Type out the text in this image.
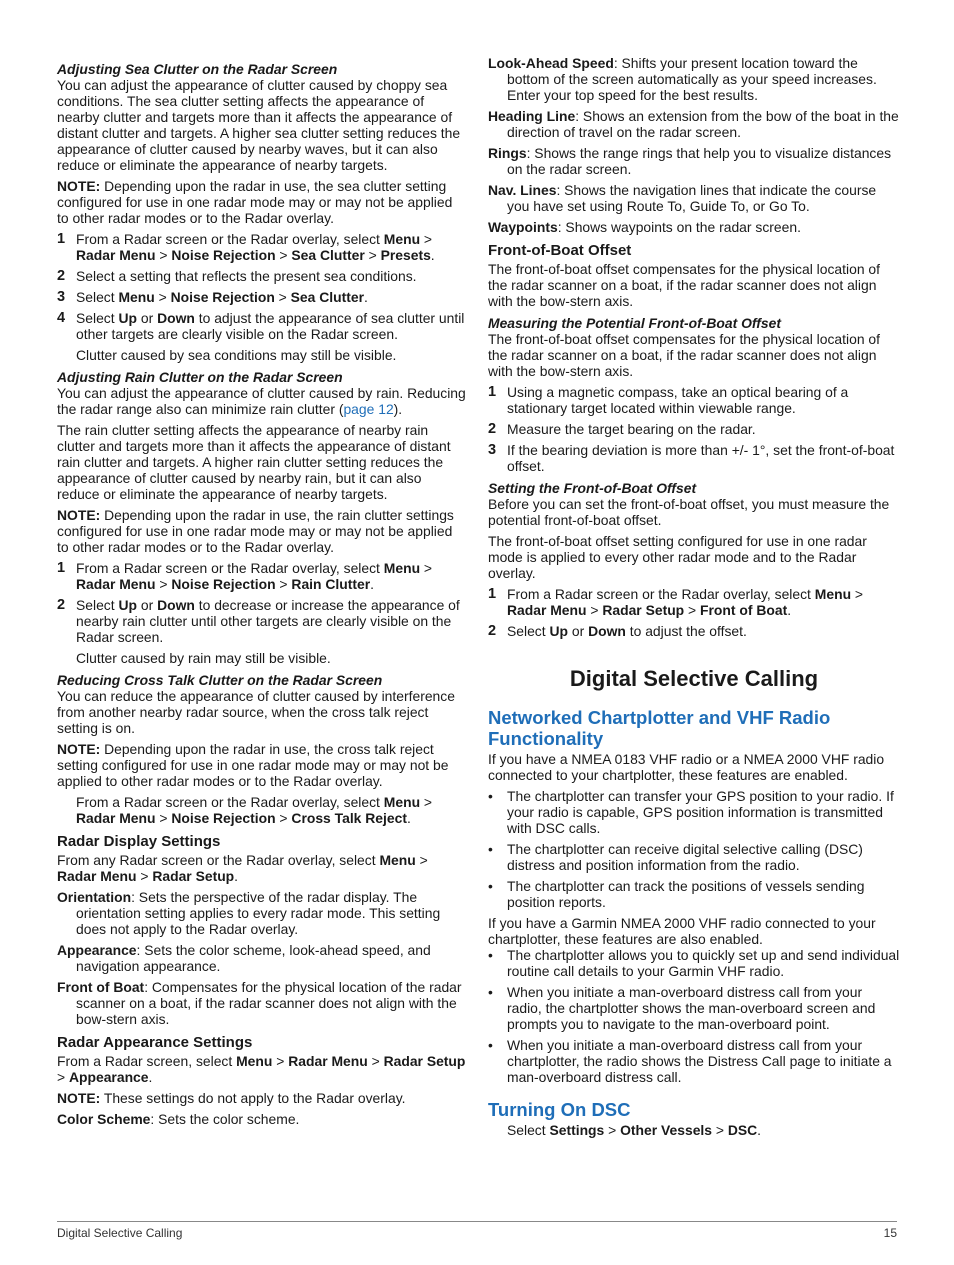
Adjusting Sea Clutter on the Radar Screen

You can adjust the appearance of clutter caused by choppy sea conditions. The sea clutter setting affects the appearance of nearby clutter and targets more than it affects the appearance of distant clutter and targets. A higher sea clutter setting reduces the appearance of clutter caused by nearby waves, but it can also reduce or eliminate the appearance of nearby targets.

NOTE: Depending upon the radar in use, the sea clutter setting configured for use in one radar mode may or may not be applied to other radar modes or to the Radar overlay.

1 From a Radar screen or the Radar overlay, select Menu > Radar Menu > Noise Rejection > Sea Clutter > Presets.
2 Select a setting that reflects the present sea conditions.
3 Select Menu > Noise Rejection > Sea Clutter.
4 Select Up or Down to adjust the appearance of sea clutter until other targets are clearly visible on the Radar screen.

Clutter caused by sea conditions may still be visible.

Adjusting Rain Clutter on the Radar Screen

You can adjust the appearance of clutter caused by rain. Reducing the radar range also can minimize rain clutter (page 12).

The rain clutter setting affects the appearance of nearby rain clutter and targets more than it affects the appearance of distant rain clutter and targets. A higher rain clutter setting reduces the appearance of clutter caused by nearby rain, but it can also reduce or eliminate the appearance of nearby targets.

NOTE: Depending upon the radar in use, the rain clutter settings configured for use in one radar mode may or may not be applied to other radar modes or to the Radar overlay.

1 From a Radar screen or the Radar overlay, select Menu > Radar Menu > Noise Rejection > Rain Clutter.
2 Select Up or Down to decrease or increase the appearance of nearby rain clutter until other targets are clearly visible on the Radar screen.

Clutter caused by rain may still be visible.

Reducing Cross Talk Clutter on the Radar Screen

You can reduce the appearance of clutter caused by interference from another nearby radar source, when the cross talk reject setting is on.

NOTE: Depending upon the radar in use, the cross talk reject setting configured for use in one radar mode may or may not be applied to other radar modes or to the Radar overlay.

From a Radar screen or the Radar overlay, select Menu > Radar Menu > Noise Rejection > Cross Talk Reject.

Radar Display Settings

From any Radar screen or the Radar overlay, select Menu > Radar Menu > Radar Setup.

Orientation: Sets the perspective of the radar display. The orientation setting applies to every radar mode. This setting does not apply to the Radar overlay.

Appearance: Sets the color scheme, look-ahead speed, and navigation appearance.

Front of Boat: Compensates for the physical location of the radar scanner on a boat, if the radar scanner does not align with the bow-stern axis.

Radar Appearance Settings

From a Radar screen, select Menu > Radar Menu > Radar Setup > Appearance.

NOTE: These settings do not apply to the Radar overlay.

Color Scheme: Sets the color scheme.

Look-Ahead Speed: Shifts your present location toward the bottom of the screen automatically as your speed increases. Enter your top speed for the best results.

Heading Line: Shows an extension from the bow of the boat in the direction of travel on the radar screen.

Rings: Shows the range rings that help you to visualize distances on the radar screen.

Nav. Lines: Shows the navigation lines that indicate the course you have set using Route To, Guide To, or Go To.

Waypoints: Shows waypoints on the radar screen.

Front-of-Boat Offset

The front-of-boat offset compensates for the physical location of the radar scanner on a boat, if the radar scanner does not align with the bow-stern axis.

Measuring the Potential Front-of-Boat Offset

The front-of-boat offset compensates for the physical location of the radar scanner on a boat, if the radar scanner does not align with the bow-stern axis.

1 Using a magnetic compass, take an optical bearing of a stationary target located within viewable range.
2 Measure the target bearing on the radar.
3 If the bearing deviation is more than +/- 1°, set the front-of-boat offset.

Setting the Front-of-Boat Offset

Before you can set the front-of-boat offset, you must measure the potential front-of-boat offset.

The front-of-boat offset setting configured for use in one radar mode is applied to every other radar mode and to the Radar overlay.

1 From a Radar screen or the Radar overlay, select Menu > Radar Menu > Radar Setup > Front of Boat.
2 Select Up or Down to adjust the offset.

Digital Selective Calling

Networked Chartplotter and VHF Radio Functionality

If you have a NMEA 0183 VHF radio or a NMEA 2000 VHF radio connected to your chartplotter, these features are enabled.

•	The chartplotter can transfer your GPS position to your radio. If your radio is capable, GPS position information is transmitted with DSC calls.
•	The chartplotter can receive digital selective calling (DSC) distress and position information from the radio.
•	The chartplotter can track the positions of vessels sending position reports.

If you have a Garmin NMEA 2000 VHF radio connected to your chartplotter, these features are also enabled.

•	The chartplotter allows you to quickly set up and send individual routine call details to your Garmin VHF radio.
•	When you initiate a man-overboard distress call from your radio, the chartplotter shows the man-overboard screen and prompts you to navigate to the man-overboard point.
•	When you initiate a man-overboard distress call from your chartplotter, the radio shows the Distress Call page to initiate a man-overboard distress call.

Turning On DSC

Select Settings > Other Vessels > DSC.

Digital Selective Calling	15
